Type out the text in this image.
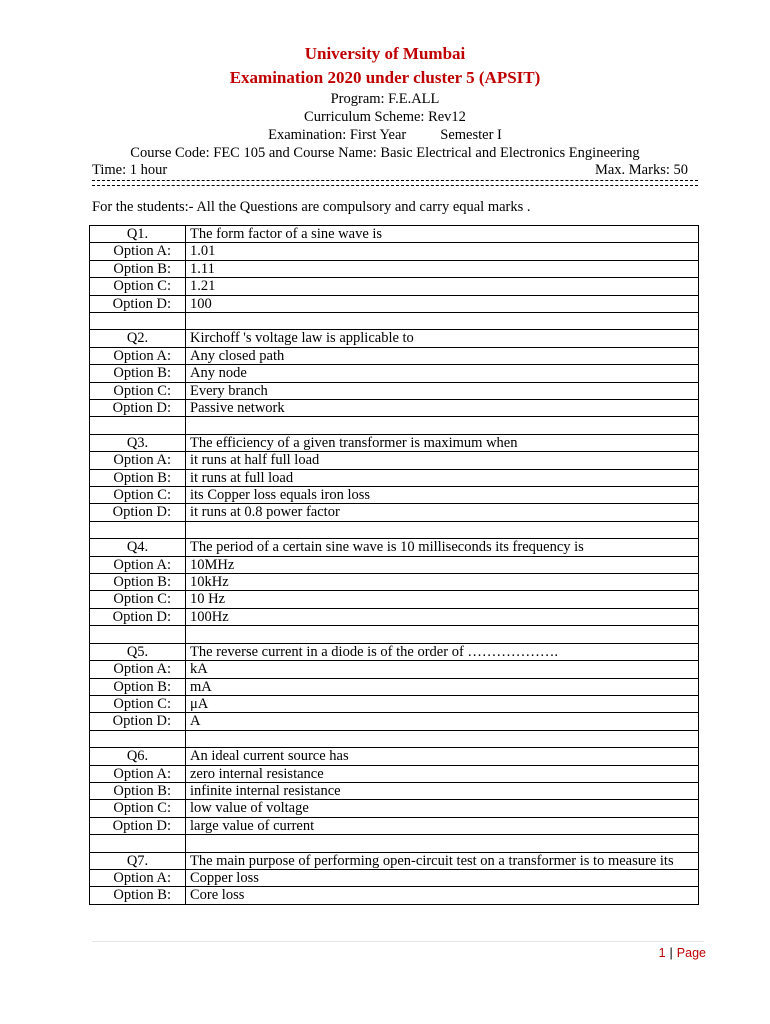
University of Mumbai
Examination 2020 under cluster 5 (APSIT)
Program: F.E.ALL
Curriculum Scheme: Rev12
Examination: First Year Semester I
Course Code: FEC 105 and Course Name: Basic Electrical and Electronics Engineering
Time: 1 hour	Max. Marks: 50
For the students:- All the Questions are compulsory and carry equal marks .
Q1.	The form factor of a sine wave is
Option A:	1.01
Option B:	1.11
Option C:	1.21
Option D:	100

Q2.	Kirchoff 's voltage law is applicable to
Option A:	Any closed path
Option B:	Any node
Option C:	Every branch
Option D:	Passive network

Q3.	The efficiency of a given transformer is maximum when
Option A:	it runs at half full load
Option B:	it runs at full load
Option C:	its Copper loss equals iron loss
Option D:	it runs at 0.8 power factor

Q4.	The period of a certain sine wave is 10 milliseconds its frequency is
Option A:	10MHz
Option B:	10kHz
Option C:	10 Hz
Option D:	100Hz

Q5.	The reverse current in a diode is of the order of ……………….
Option A:	kA
Option B:	mA
Option C:	μA
Option D:	A

Q6.	An ideal current source has
Option A:	zero internal resistance
Option B:	infinite internal resistance
Option C:	low value of voltage
Option D:	large value of current

Q7.	The main purpose of performing open-circuit test on a transformer is to measure its
Option A:	Copper loss
Option B:	Core loss
1 | Page
